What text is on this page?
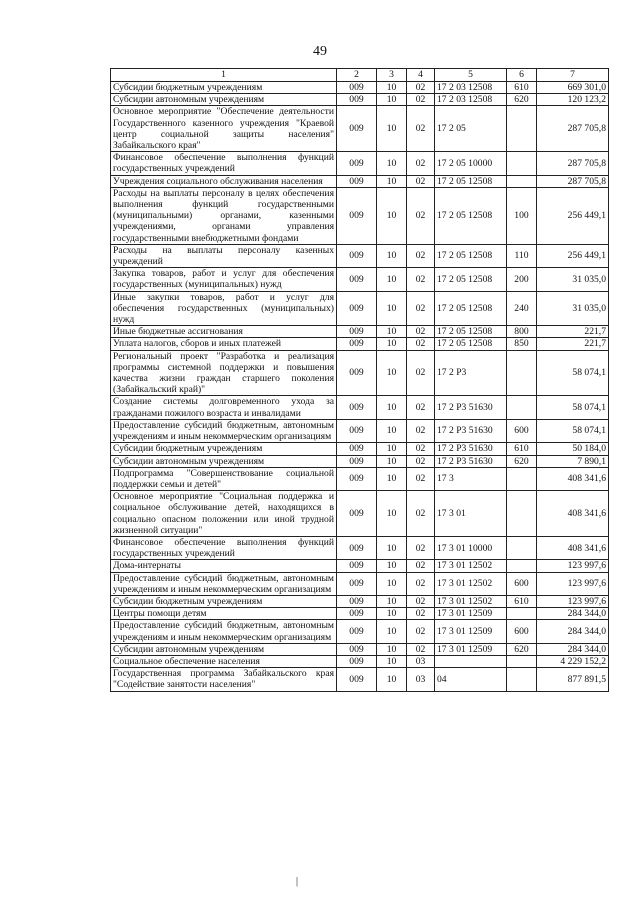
49
1	2	3	4	5	6	7
Субсидии бюджетным учреждениям	009	10	02	17 2 03 12508	610	669 301,0
Субсидии автономным учреждениям	009	10	02	17 2 03 12508	620	120 123,2
Основное мероприятие "Обеспечение деятельности Государственного казенного учреждения "Краевой центр социальной защиты населения" Забайкальского края"	009	10	02	17 2 05		287 705,8
Финансовое обеспечение выполнения функций государственных учреждений	009	10	02	17 2 05 10000		287 705,8
Учреждения социального обслуживания населения	009	10	02	17 2 05 12508		287 705,8
Расходы на выплаты персоналу в целях обеспечения выполнения функций государственными (муниципальными) органами, казенными учреждениями, органами управления государственными внебюджетными фондами	009	10	02	17 2 05 12508	100	256 449,1
Расходы на выплаты персоналу казенных учреждений	009	10	02	17 2 05 12508	110	256 449,1
Закупка товаров, работ и услуг для обеспечения государственных (муниципальных) нужд	009	10	02	17 2 05 12508	200	31 035,0
Иные закупки товаров, работ и услуг для обеспечения государственных (муниципальных) нужд	009	10	02	17 2 05 12508	240	31 035,0
Иные бюджетные ассигнования	009	10	02	17 2 05 12508	800	221,7
Уплата налогов, сборов и иных платежей	009	10	02	17 2 05 12508	850	221,7
Региональный проект "Разработка и реализация программы системной поддержки и повышения качества жизни граждан старшего поколения (Забайкальский край)"	009	10	02	17 2 P3		58 074,1
Создание системы долговременного ухода за гражданами пожилого возраста и инвалидами	009	10	02	17 2 P3 51630		58 074,1
Предоставление субсидий бюджетным, автономным учреждениям и иным некоммерческим организациям	009	10	02	17 2 P3 51630	600	58 074,1
Субсидии бюджетным учреждениям	009	10	02	17 2 P3 51630	610	50 184,0
Субсидии автономным учреждениям	009	10	02	17 2 P3 51630	620	7 890,1
Подпрограмма "Совершенствование социальной поддержки семьи и детей"	009	10	02	17 3		408 341,6
Основное мероприятие "Социальная поддержка и социальное обслуживание детей, находящихся в социально опасном положении или иной трудной жизненной ситуации"	009	10	02	17 3 01		408 341,6
Финансовое обеспечение выполнения функций государственных учреждений	009	10	02	17 3 01 10000		408 341,6
Дома-интернаты	009	10	02	17 3 01 12502		123 997,6
Предоставление субсидий бюджетным, автономным учреждениям и иным некоммерческим организациям	009	10	02	17 3 01 12502	600	123 997,6
Субсидии бюджетным учреждениям	009	10	02	17 3 01 12502	610	123 997,6
Центры помощи детям	009	10	02	17 3 01 12509		284 344,0
Предоставление субсидий бюджетным, автономным учреждениям и иным некоммерческим организациям	009	10	02	17 3 01 12509	600	284 344,0
Субсидии автономным учреждениям	009	10	02	17 3 01 12509	620	284 344,0
Социальное обеспечение населения	009	10	03			4 229 152,2
Государственная программа Забайкальского края "Содействие занятости населения"	009	10	03	04		877 891,5
|
